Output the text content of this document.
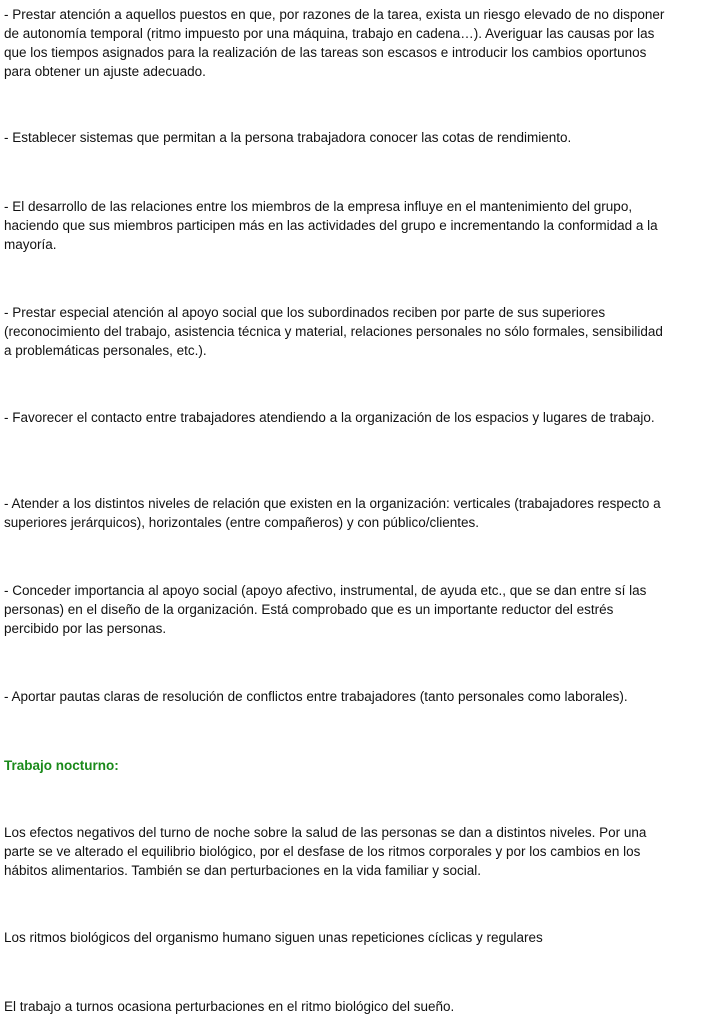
- Prestar atención a aquellos puestos en que, por razones de la tarea, exista un riesgo elevado de no disponer de autonomía temporal (ritmo impuesto por una máquina, trabajo en cadena…). Averiguar las causas por las que los tiempos asignados para la realización de las tareas son escasos e introducir los cambios oportunos para obtener un ajuste adecuado.

- Establecer sistemas que permitan a la persona trabajadora conocer las cotas de rendimiento.

- El desarrollo de las relaciones entre los miembros de la empresa influye en el mantenimiento del grupo, haciendo que sus miembros participen más en las actividades del grupo e incrementando la conformidad a la mayoría.

- Prestar especial atención al apoyo social que los subordinados reciben por parte de sus superiores (reconocimiento del trabajo, asistencia técnica y material, relaciones personales no sólo formales, sensibilidad a problemáticas personales, etc.).

- Favorecer el contacto entre trabajadores atendiendo a la organización de los espacios y lugares de trabajo.

- Atender a los distintos niveles de relación que existen en la organización: verticales (trabajadores respecto a superiores jerárquicos), horizontales (entre compañeros) y con público/clientes.

- Conceder importancia al apoyo social (apoyo afectivo, instrumental, de ayuda etc., que se dan entre sí las personas) en el diseño de la organización. Está comprobado que es un importante reductor del estrés percibido por las personas.

- Aportar pautas claras de resolución de conflictos entre trabajadores (tanto personales como laborales).

Trabajo nocturno:

Los efectos negativos del turno de noche sobre la salud de las personas se dan a distintos niveles. Por una parte se ve alterado el equilibrio biológico, por el desfase de los ritmos corporales y por los cambios en los hábitos alimentarios. También se dan perturbaciones en la vida familiar y social.

Los ritmos biológicos del organismo humano siguen unas repeticiones cíclicas y regulares

El trabajo a turnos ocasiona perturbaciones en el ritmo biológico del sueño.
